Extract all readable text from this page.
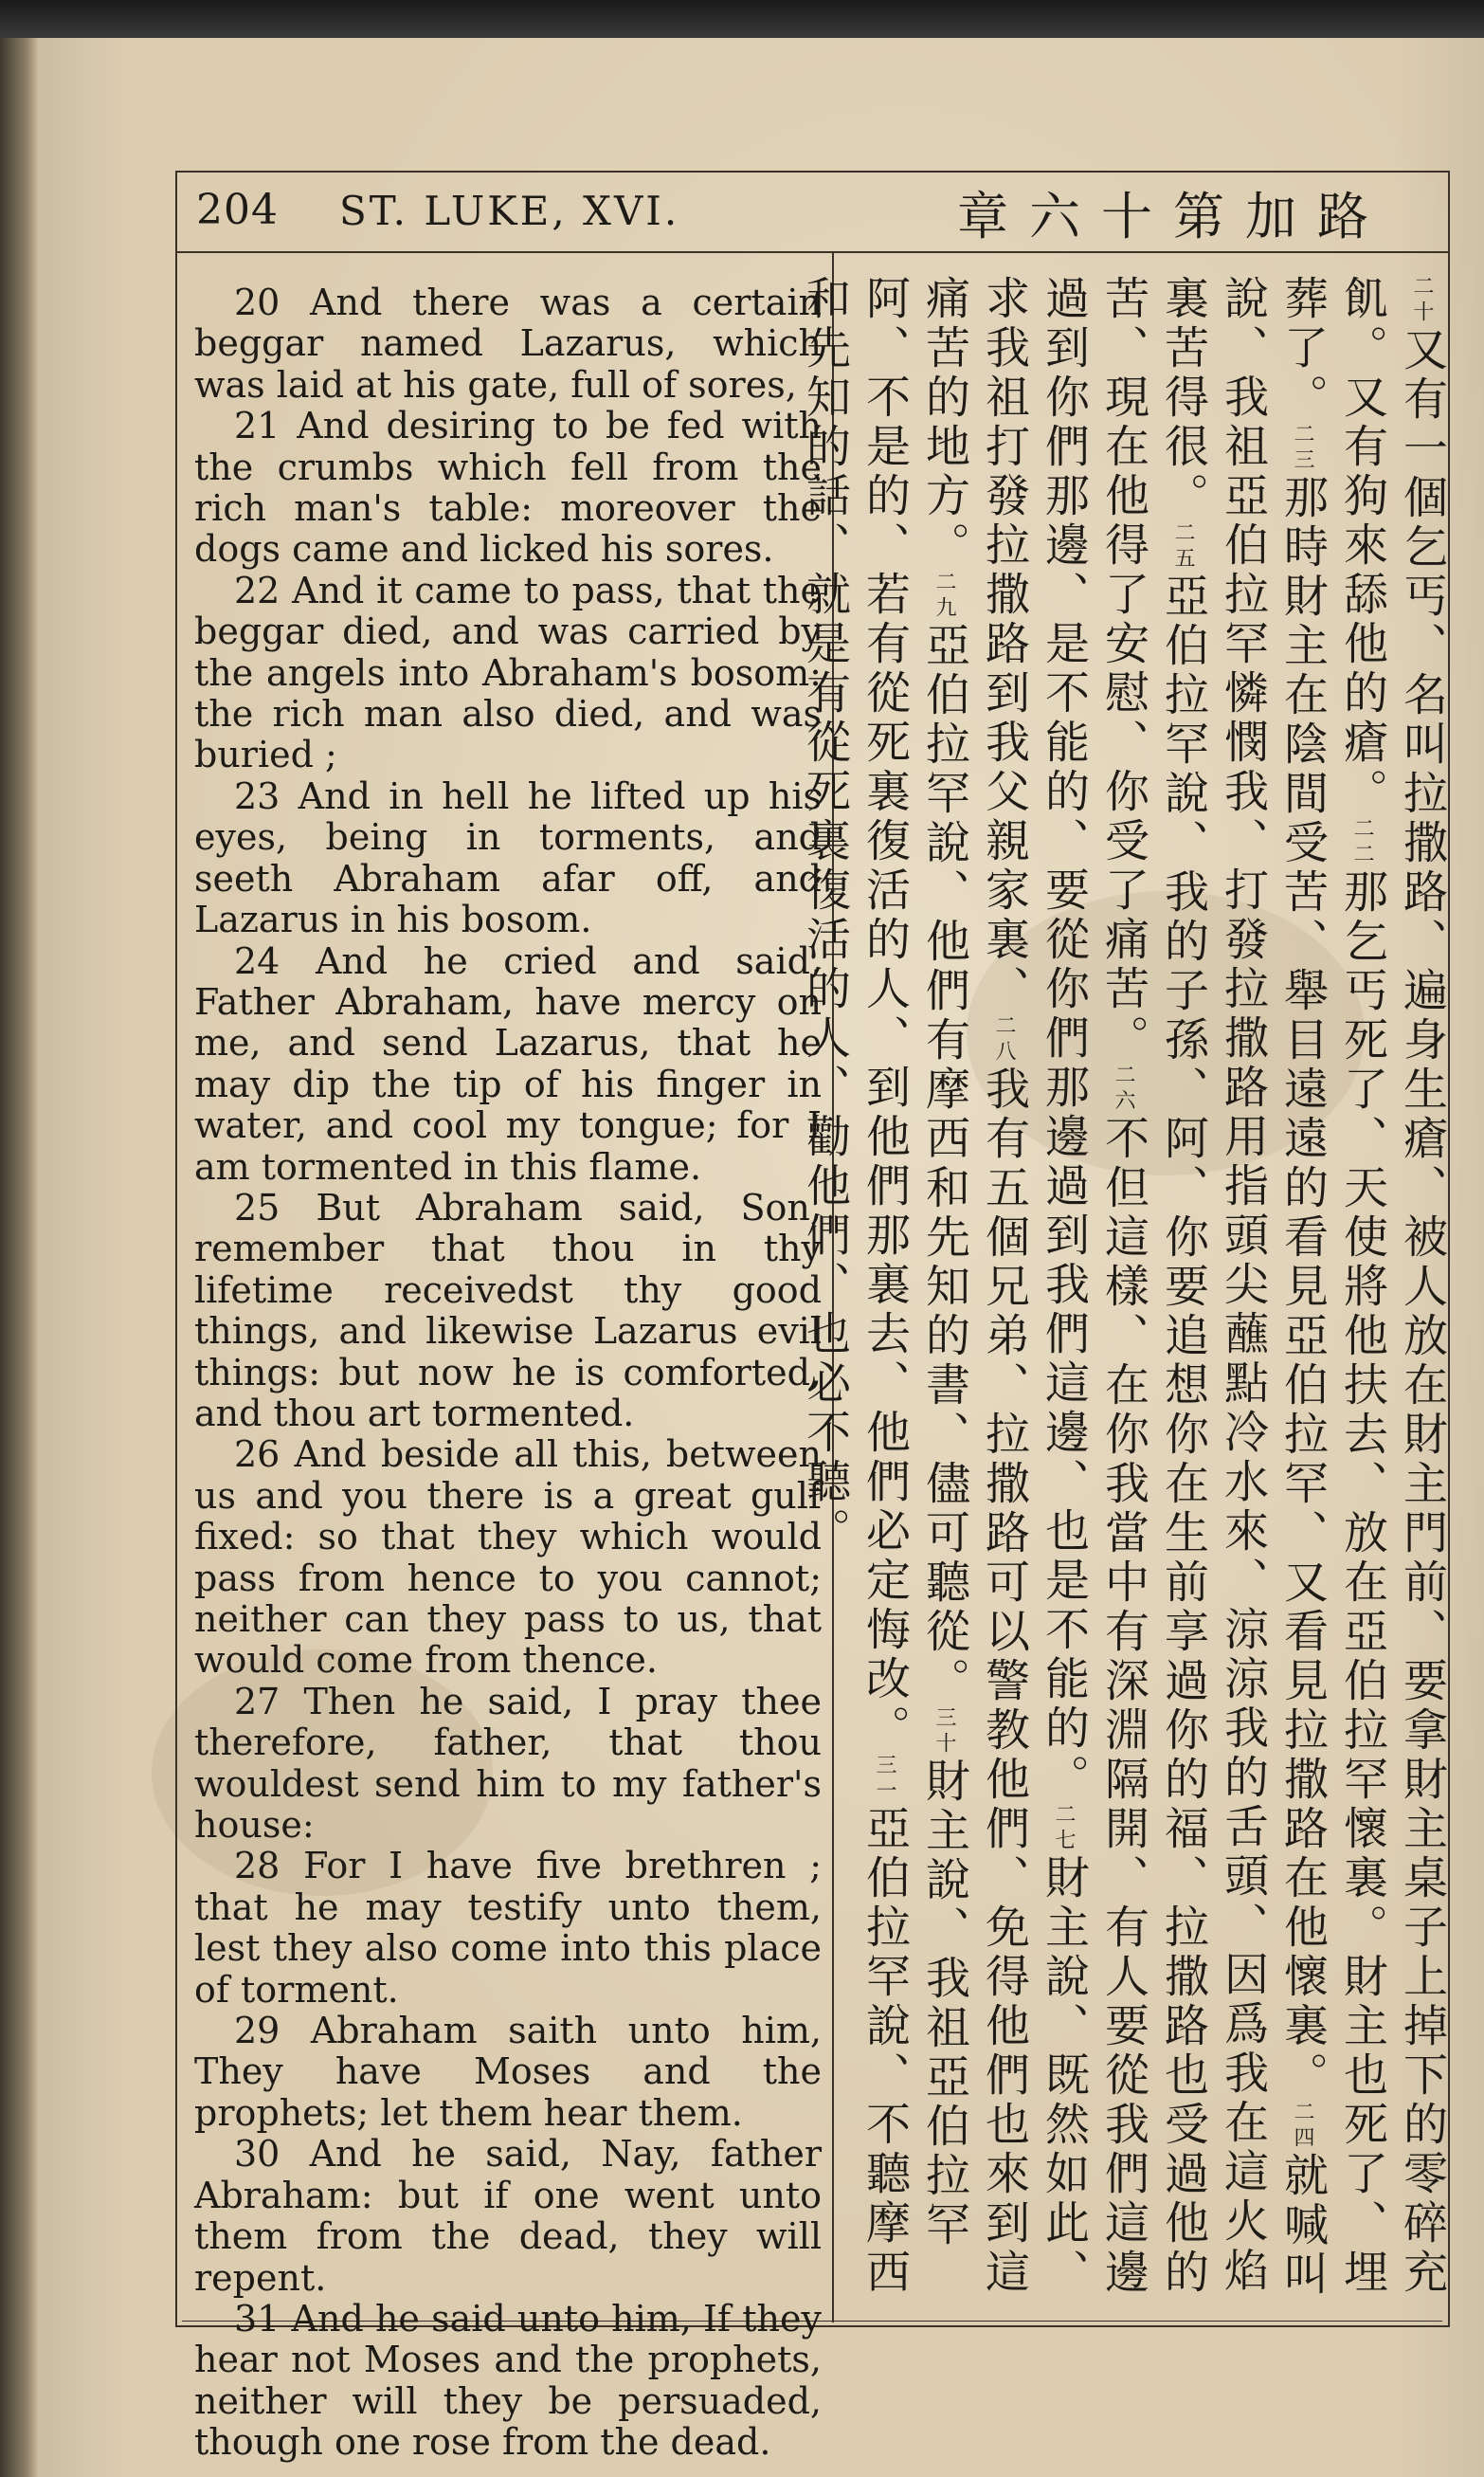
204 ST. LUKE, XVI.	章六十第加路

20 And there was a certain beggar named Lazarus, which was laid at his gate, full of sores,

21 And desiring to be fed with the crumbs which fell from the rich man's table: moreover the dogs came and licked his sores.

22 And it came to pass, that the beggar died, and was carried by the angels into Abraham's bosom: the rich man also died, and was buried ;

23 And in hell he lifted up his eyes, being in torments, and seeth Abraham afar off, and Lazarus in his bosom.

24 And he cried and said, Father Abraham, have mercy on me, and send Lazarus, that he may dip the tip of his finger in water, and cool my tongue; for I am tormented in this flame.

25 But Abraham said, Son, remember that thou in thy lifetime receivedst thy good things, and likewise Lazarus evil things: but now he is comforted, and thou art tormented.

26 And beside all this, between us and you there is a great gulf fixed: so that they which would pass from hence to you cannot; neither can they pass to us, that would come from thence.

27 Then he said, I pray thee therefore, father, that thou wouldest send him to my father's house:

28 For I have five brethren ; that he may testify unto them, lest they also come into this place of torment.

29 Abraham saith unto him, They have Moses and the prophets; let them hear them.

30 And he said, Nay, father Abraham: but if one went unto them from the dead, they will repent.

31 And he said unto him, If they hear not Moses and the prophets, neither will they be persuaded, though one rose from the dead.

二十又有一個乞丐、名叫拉撒路、遍身生瘡、被人放在財主門前、要拿財主桌子上掉下的零碎充飢。又有狗來舔他的瘡。二二那乞丐死了、天使將他扶去、放在亞伯拉罕懷裏。財主也死了、埋葬了。二三那時財主在陰間受苦、舉目遠遠的看見亞伯拉罕、又看見拉撒路在他懷裏。二四就喊叫說、我祖亞伯拉罕憐憫我、打發拉撒路用指頭尖蘸點冷水來、涼涼我的舌頭、因爲我在這火焰裏苦得很。二五亞伯拉罕說、我的子孫、阿、你要追想你在生前享過你的福、拉撒路也受過他的苦、現在他得了安慰、你受了痛苦。二六不但這樣、在你我當中有深淵隔開、有人要從我們這邊過到你們那邊、是不能的、要從你們那邊過到我們這邊、也是不能的。二七財主說、既然如此、求我祖打發拉撒路到我父親家裏、二八我有五個兄弟、拉撒路可以警教他們、免得他們也來到這痛苦的地方。二九亞伯拉罕說、他們有摩西和先知的書、儘可聽從。三十財主說、我祖亞伯拉罕阿、不是的、若有從死裏復活的人、到他們那裏去、他們必定悔改。三一亞伯拉罕說、不聽摩西和先知的話、就是有從死裏復活的人、勸他們、也必不聽。
